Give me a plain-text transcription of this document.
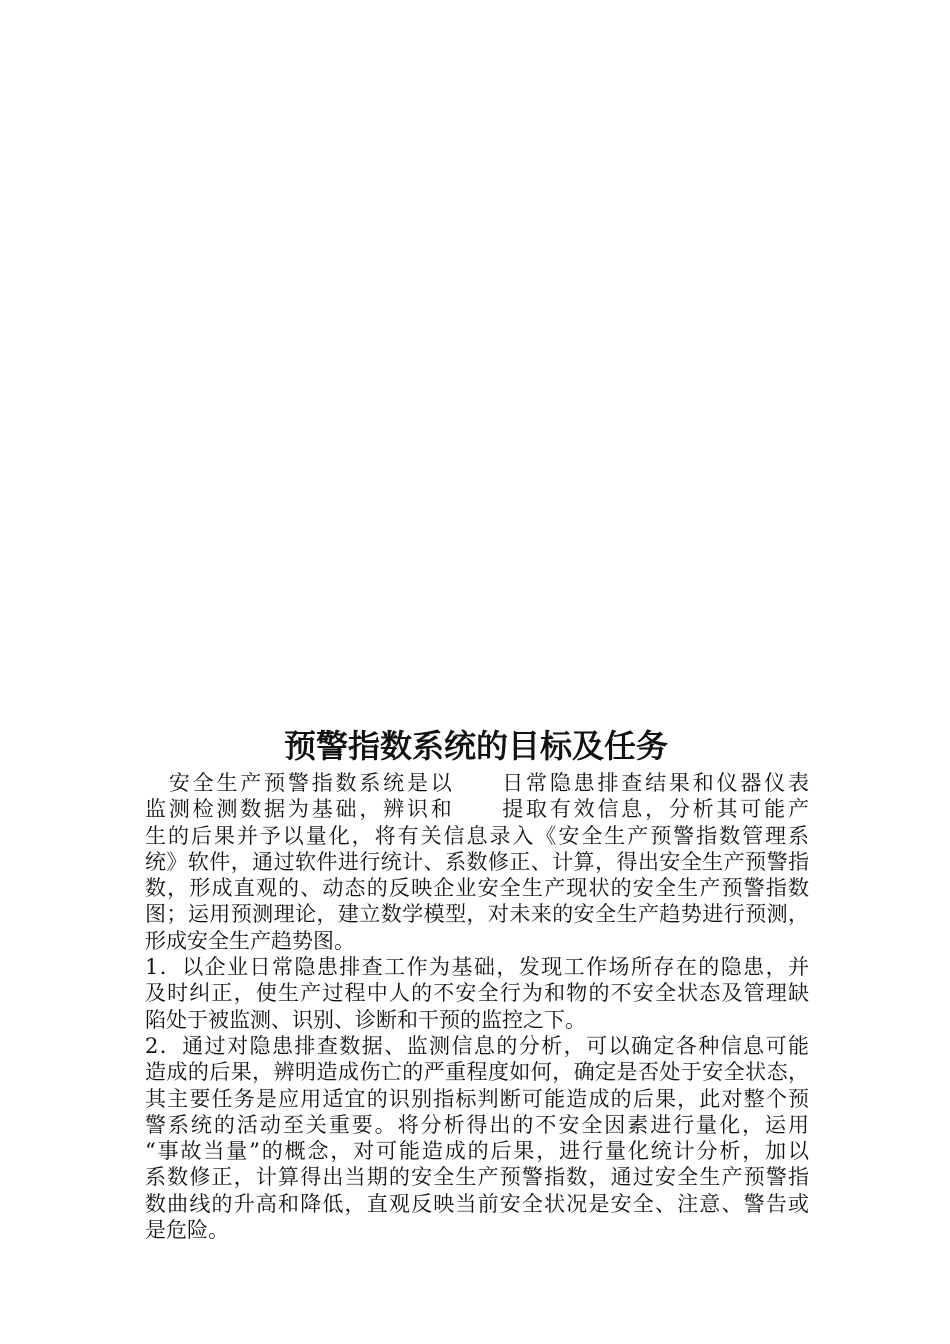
预警指数系统的目标及任务
　安全生产预警指数系统是以　　日常隐患排查结果和仪器仪表
监测检测数据为基础，辨识和　　提取有效信息，分析其可能产
生的后果并予以量化，将有关信息录入《安全生产预警指数管理系
统》软件，通过软件进行统计、系数修正、计算，得出安全生产预警指
数，形成直观的、动态的反映企业安全生产现状的安全生产预警指数
图；运用预测理论，建立数学模型，对未来的安全生产趋势进行预测，
形成安全生产趋势图。
1．以企业日常隐患排查工作为基础，发现工作场所存在的隐患，并
及时纠正，使生产过程中人的不安全行为和物的不安全状态及管理缺
陷处于被监测、识别、诊断和干预的监控之下。
2．通过对隐患排查数据、监测信息的分析，可以确定各种信息可能
造成的后果，辨明造成伤亡的严重程度如何，确定是否处于安全状态，
其主要任务是应用适宜的识别指标判断可能造成的后果，此对整个预
警系统的活动至关重要。将分析得出的不安全因素进行量化，运用
“事故当量”的概念，对可能造成的后果，进行量化统计分析，加以
系数修正，计算得出当期的安全生产预警指数，通过安全生产预警指
数曲线的升高和降低，直观反映当前安全状况是安全、注意、警告或
是危险。
